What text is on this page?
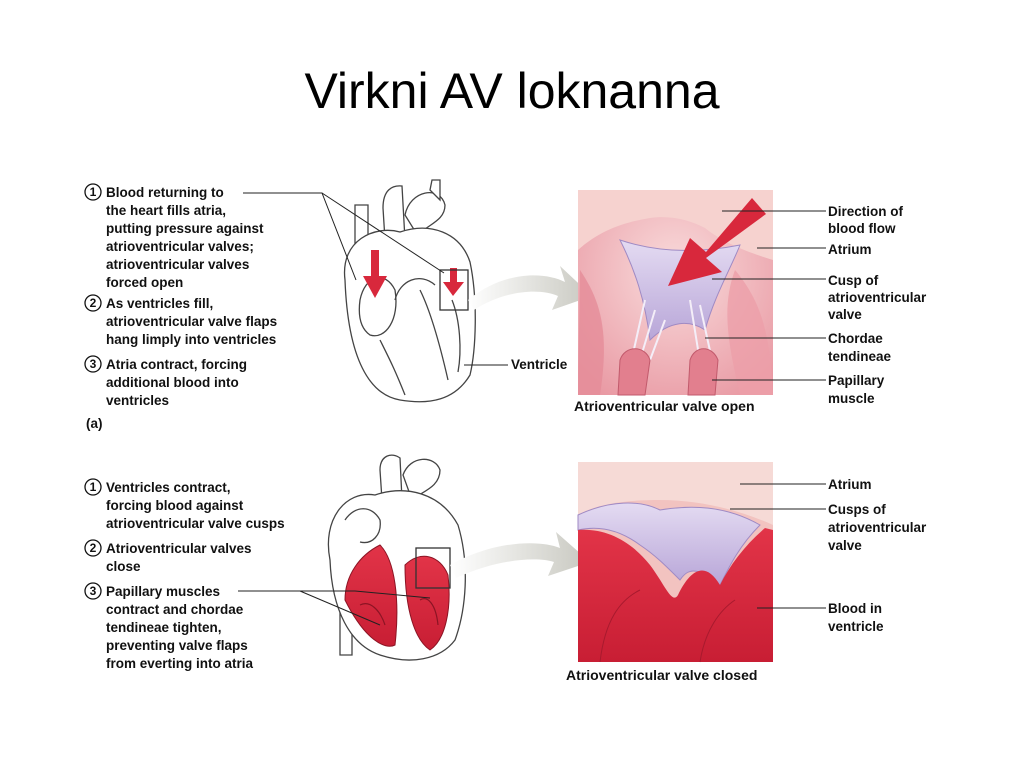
Virkni AV loknanna
1 Blood returning to
the heart fills atria,
putting pressure against
atrioventricular valves;
atrioventricular valves
forced open
2 As ventricles fill,
atrioventricular valve flaps
hang limply into ventricles
3 Atria contract, forcing
additional blood into
ventricles
(a)
Ventricle
Direction of
blood flow
Atrium
Cusp of
atrioventricular
valve
Chordae
tendineae
Papillary
muscle
Atrioventricular valve open
1 Ventricles contract,
forcing blood against
atrioventricular valve cusps
2 Atrioventricular valves
close
3 Papillary muscles
contract and chordae
tendineae tighten,
preventing valve flaps
from everting into atria
Atrium
Cusps of
atrioventricular
valve
Blood in
ventricle
Atrioventricular valve closed
